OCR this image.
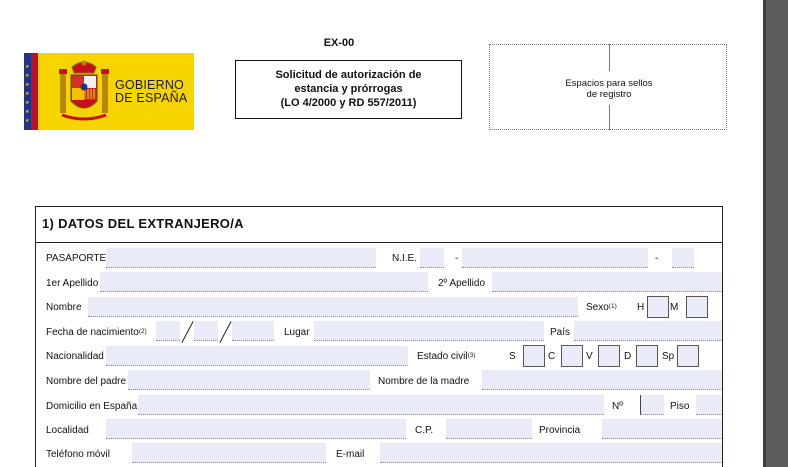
★
★
★
★
★
★
★
GOBIERNO
DE ESPAÑA
EX-00
Solicitud de autorización de
estancia y prórrogas
(LO 4/2000 y RD 557/2011)
Espacios para sellos
de registro
1) DATOS DEL EXTRANJERO/A
PASAPORTE	N.I.E.	-	-
1er Apellido	2º Apellido
Nombre	Sexo$^{(1)}$ H	M
Fecha de nacimiento$^{(2)}$	Lugar	País
Nacionalidad	Estado civil$^{(3)}$	S	C	V	D	Sp
Nombre del padre	Nombre de la madre
Domicilio en España	Nº	Piso
Localidad	C.P.	Provincia
Teléfono móvil	E-mail
